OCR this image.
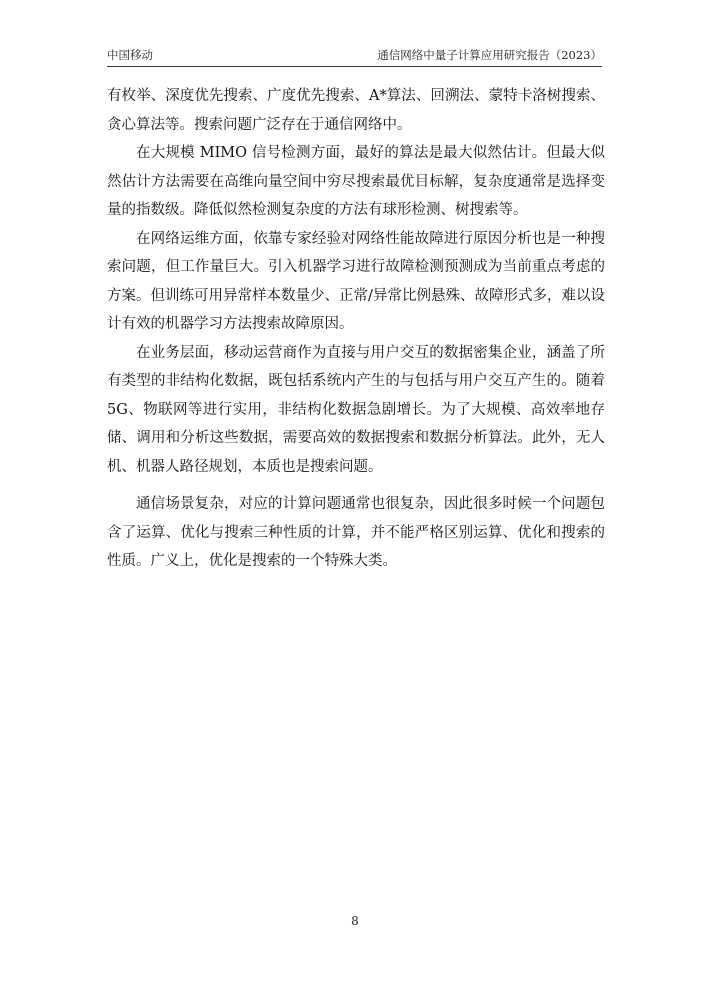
中国移动	通信网络中量子计算应用研究报告（2023）

有枚举、深度优先搜索、广度优先搜索、A*算法、回溯法、蒙特卡洛树搜索、贪心算法等。搜索问题广泛存在于通信网络中。

在大规模 MIMO 信号检测方面，最好的算法是最大似然估计。但最大似然估计方法需要在高维向量空间中穷尽搜索最优目标解，复杂度通常是选择变量的指数级。降低似然检测复杂度的方法有球形检测、树搜索等。

在网络运维方面，依靠专家经验对网络性能故障进行原因分析也是一种搜索问题，但工作量巨大。引入机器学习进行故障检测预测成为当前重点考虑的方案。但训练可用异常样本数量少、正常/异常比例悬殊、故障形式多，难以设计有效的机器学习方法搜索故障原因。

在业务层面，移动运营商作为直接与用户交互的数据密集企业，涵盖了所有类型的非结构化数据，既包括系统内产生的与包括与用户交互产生的。随着 5G、物联网等进行实用，非结构化数据急剧增长。为了大规模、高效率地存储、调用和分析这些数据，需要高效的数据搜索和数据分析算法。此外，无人机、机器人路径规划，本质也是搜索问题。

通信场景复杂，对应的计算问题通常也很复杂，因此很多时候一个问题包含了运算、优化与搜索三种性质的计算，并不能严格区别运算、优化和搜索的性质。广义上，优化是搜索的一个特殊大类。

8
